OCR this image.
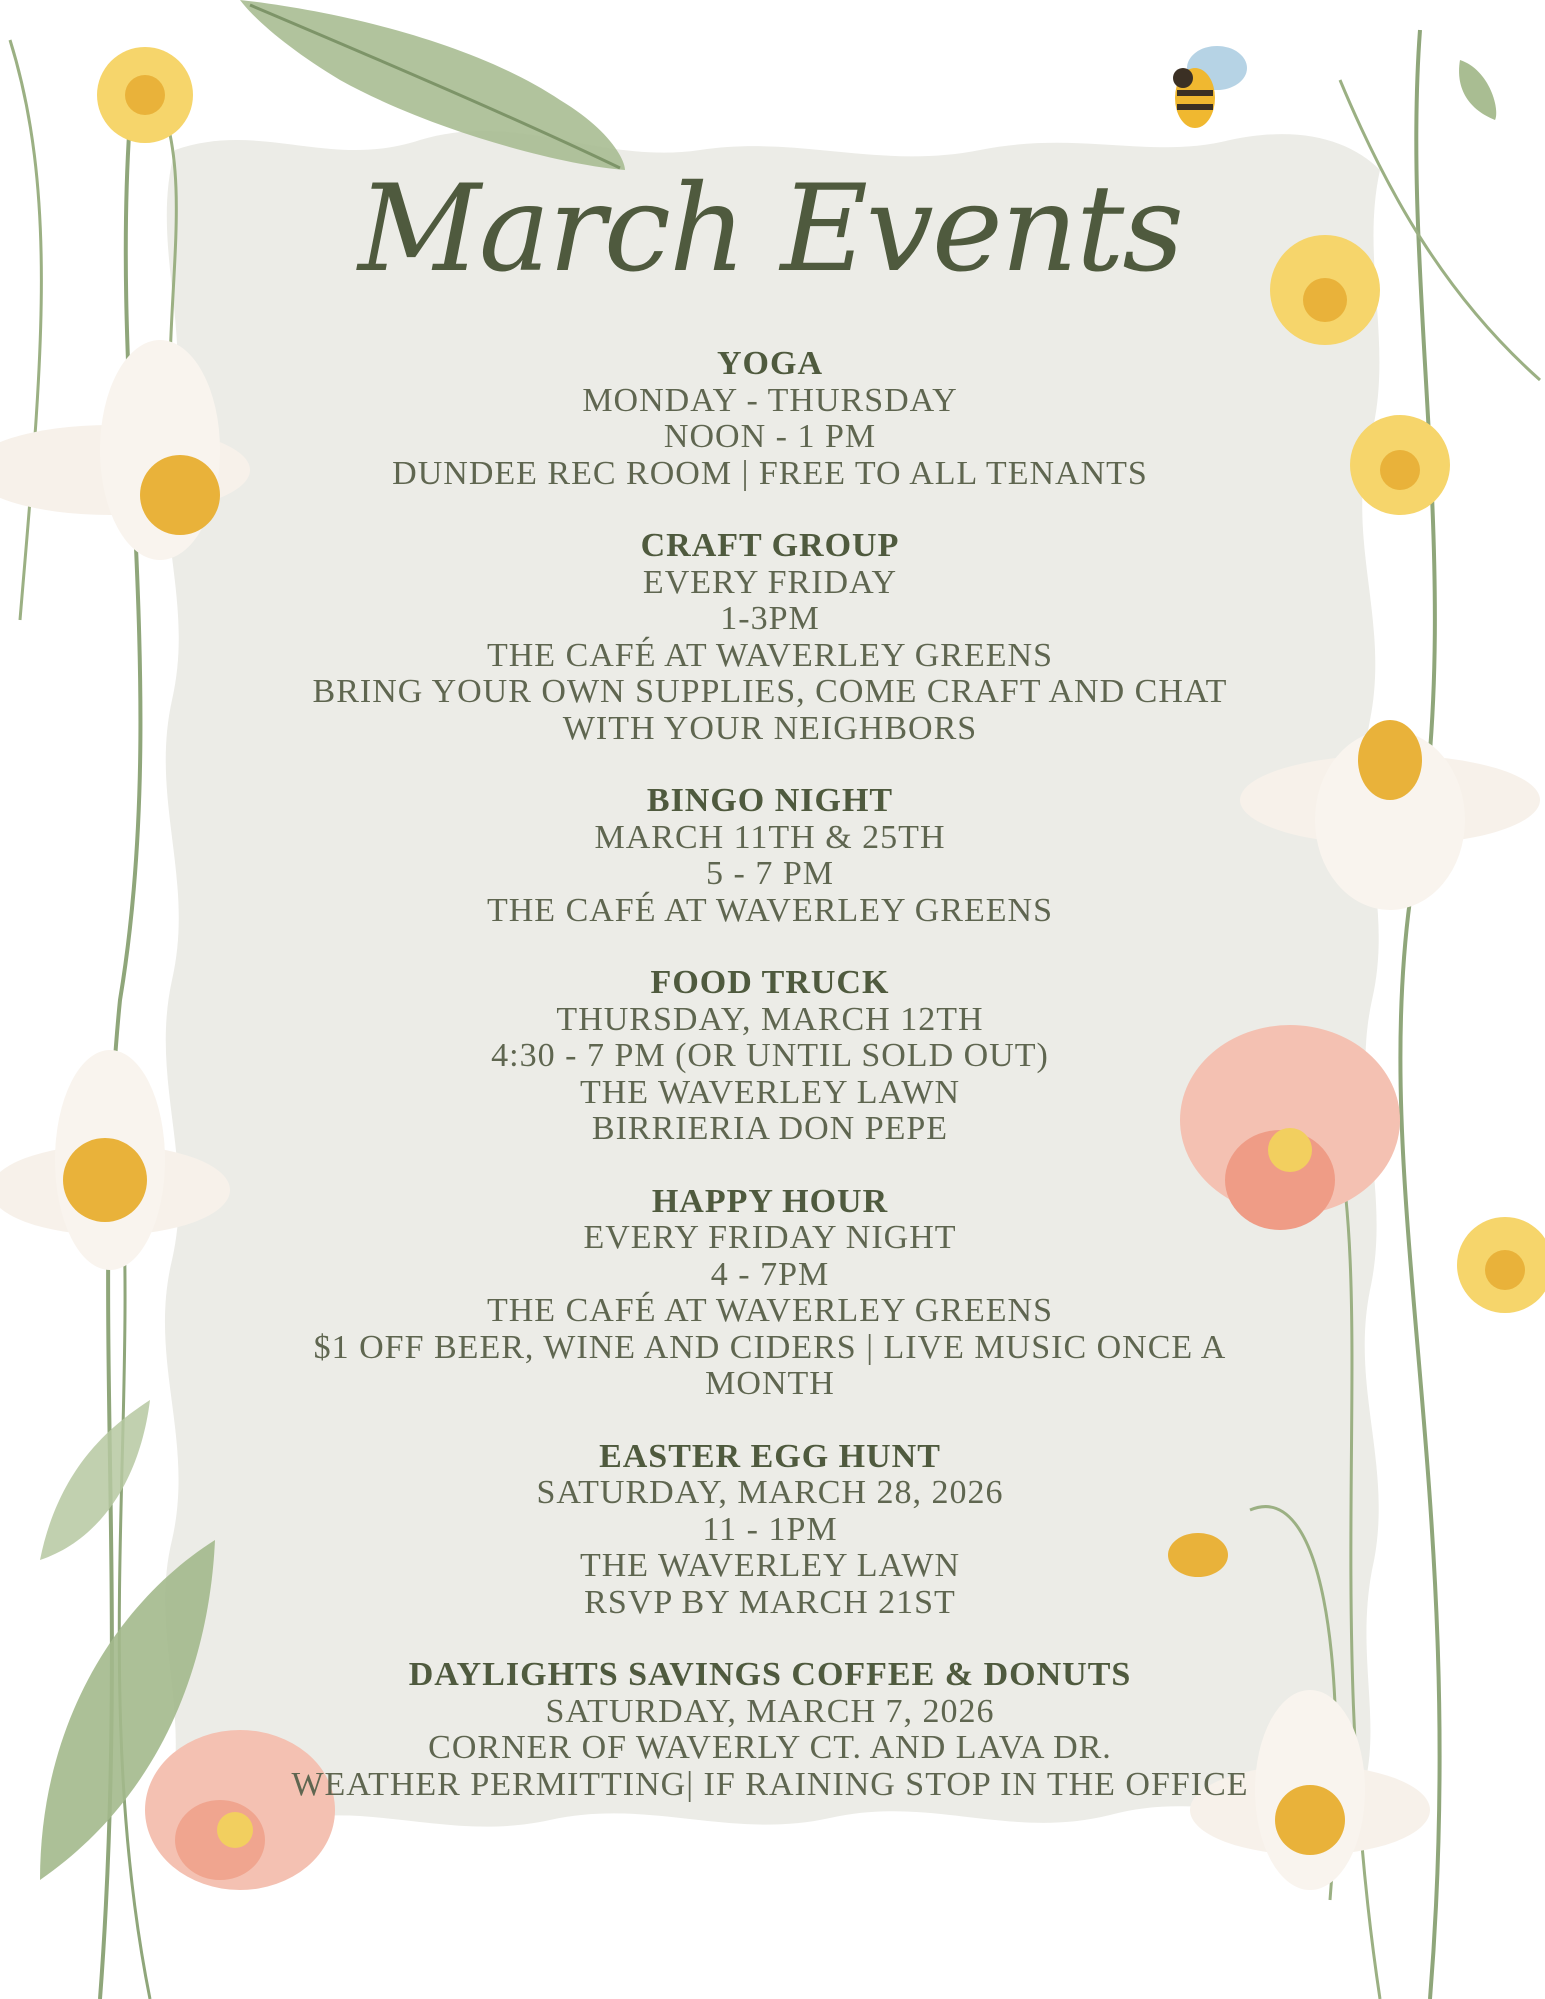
March Events
YOGA
MONDAY - THURSDAY
NOON - 1 PM
DUNDEE REC ROOM | FREE TO ALL TENANTS
CRAFT GROUP
EVERY FRIDAY
1-3PM
THE CAFÉ AT WAVERLEY GREENS
BRING YOUR OWN SUPPLIES, COME CRAFT AND CHAT
WITH YOUR NEIGHBORS
BINGO NIGHT
MARCH 11TH & 25TH
5 - 7 PM
THE CAFÉ AT WAVERLEY GREENS
FOOD TRUCK
THURSDAY, MARCH 12TH
4:30 - 7 PM (OR UNTIL SOLD OUT)
THE WAVERLEY LAWN
BIRRIERIA DON PEPE
HAPPY HOUR
EVERY FRIDAY NIGHT
4 - 7PM
THE CAFÉ AT WAVERLEY GREENS
$1 OFF BEER, WINE AND CIDERS | LIVE MUSIC ONCE A
MONTH
EASTER EGG HUNT
SATURDAY, MARCH 28, 2026
11 - 1PM
THE WAVERLEY LAWN
RSVP BY MARCH 21ST
DAYLIGHTS SAVINGS COFFEE & DONUTS
SATURDAY, MARCH 7, 2026
CORNER OF WAVERLY CT. AND LAVA DR.
WEATHER PERMITTING| IF RAINING STOP IN THE OFFICE
